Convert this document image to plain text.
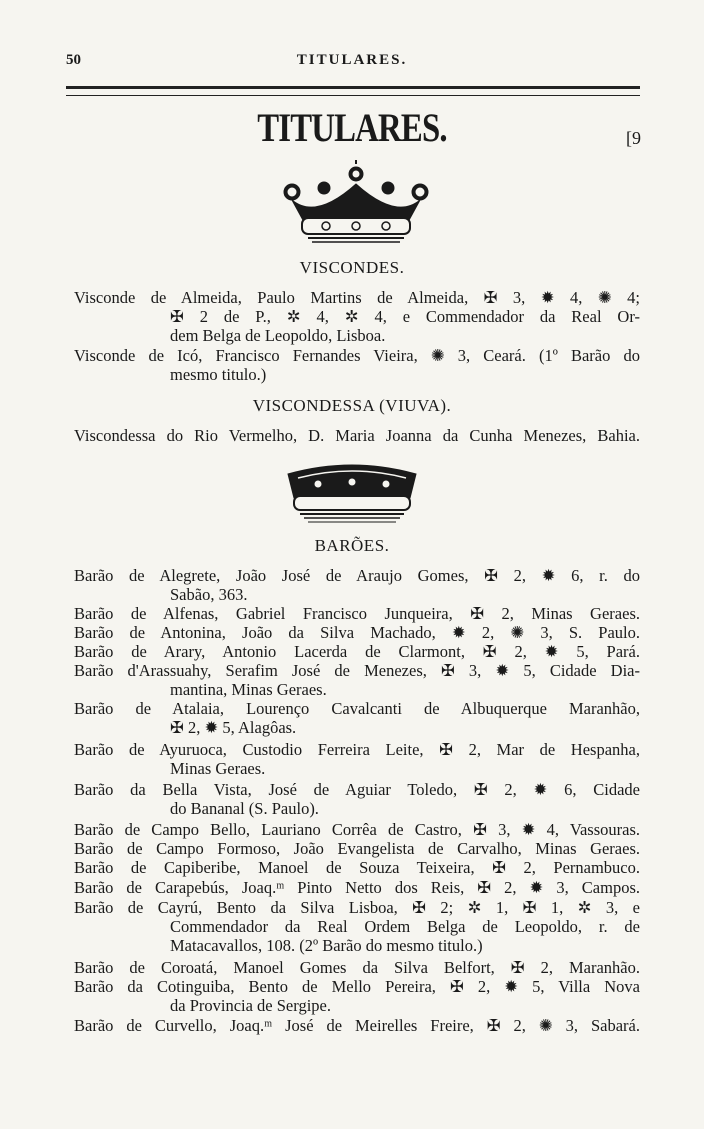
50	TITULARES.
TITULARES.	[9
VISCONDES.
Visconde de Almeida, Paulo Martins de Almeida, ✠ 3, ✹ 4, ✺ 4;
✠ 2 de P., ✲ 4, ✲ 4, e Commendador da Real Or-
dem Belga de Leopoldo, Lisboa.
Visconde de Icó, Francisco Fernandes Vieira, ✺ 3, Ceará. (1º Barão do
mesmo titulo.)
VISCONDESSA (VIUVA).
Viscondessa do Rio Vermelho, D. Maria Joanna da Cunha Menezes, Bahia.
BARÕES.
Barão de Alegrete, João José de Araujo Gomes, ✠ 2, ✹ 6, r. do
Sabão, 363.
Barão de Alfenas, Gabriel Francisco Junqueira, ✠ 2, Minas Geraes.
Barão de Antonina, João da Silva Machado, ✹ 2, ✺ 3, S. Paulo.
Barão de Arary, Antonio Lacerda de Clarmont, ✠ 2, ✹ 5, Pará.
Barão d'Arassuahy, Serafim José de Menezes, ✠ 3, ✹ 5, Cidade Dia-
mantina, Minas Geraes.
Barão de Atalaia, Lourenço Cavalcanti de Albuquerque Maranhão,
✠ 2, ✹ 5, Alagôas.
Barão de Ayuruoca, Custodio Ferreira Leite, ✠ 2, Mar de Hespanha,
Minas Geraes.
Barão da Bella Vista, José de Aguiar Toledo, ✠ 2, ✹ 6, Cidade
do Bananal (S. Paulo).
Barão de Campo Bello, Lauriano Corrêa de Castro, ✠ 3, ✹ 4, Vassouras.
Barão de Campo Formoso, João Evangelista de Carvalho, Minas Geraes.
Barão de Capiberibe, Manoel de Souza Teixeira, ✠ 2, Pernambuco.
Barão de Carapebús, Joaq.ᵐ Pinto Netto dos Reis, ✠ 2, ✹ 3, Campos.
Barão de Cayrú, Bento da Silva Lisboa, ✠ 2; ✲ 1, ✠ 1, ✲ 3, e
Commendador da Real Ordem Belga de Leopoldo, r. de
Matacavallos, 108. (2º Barão do mesmo titulo.)
Barão de Coroatá, Manoel Gomes da Silva Belfort, ✠ 2, Maranhão.
Barão da Cotinguiba, Bento de Mello Pereira, ✠ 2, ✹ 5, Villa Nova
da Provincia de Sergipe.
Barão de Curvello, Joaq.ᵐ José de Meirelles Freire, ✠ 2, ✺ 3, Sabará.
